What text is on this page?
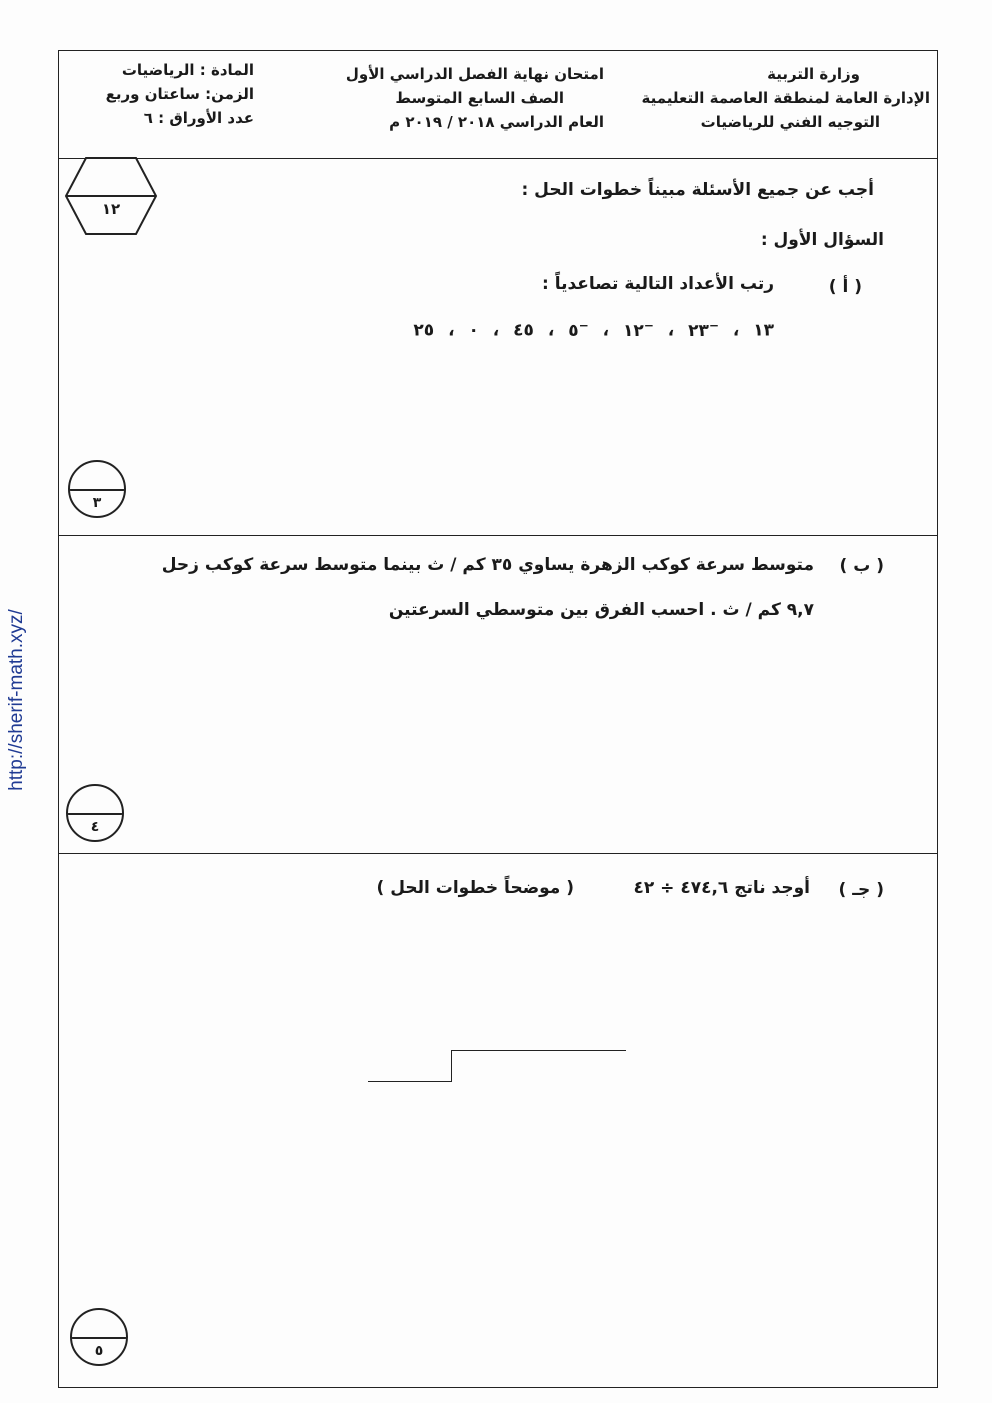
http://sherif-math.xyz/
وزارة التربية
الإدارة العامة لمنطقة العاصمة التعليمية
التوجيه الفني للرياضيات
امتحان نهاية الفصل الدراسي الأول
الصف السابع المتوسط
العام الدراسي ٢٠١٨ / ٢٠١٩ م
المادة : الرياضيات
الزمن: ساعتان وربع
عدد الأوراق : ٦
١٢
أجب عن جميع الأسئلة مبيناً خطوات الحل :
السؤال الأول :
( أ )
رتب الأعداد التالية تصاعدياً :
١٣ ، −٢٣ ، −١٢ ، −٥ ، ٤٥ ، ٠ ، ٢٥
٣
( ب )
متوسط سرعة كوكب الزهرة يساوي ٣٥ كم / ث بينما متوسط سرعة كوكب زحل
٩,٧ كم / ث . احسب الفرق بين متوسطي السرعتين
٤
( جـ )
أوجد ناتج ٤٧٤,٦ ÷ ٤٢
( موضحاً خطوات الحل )
٥
